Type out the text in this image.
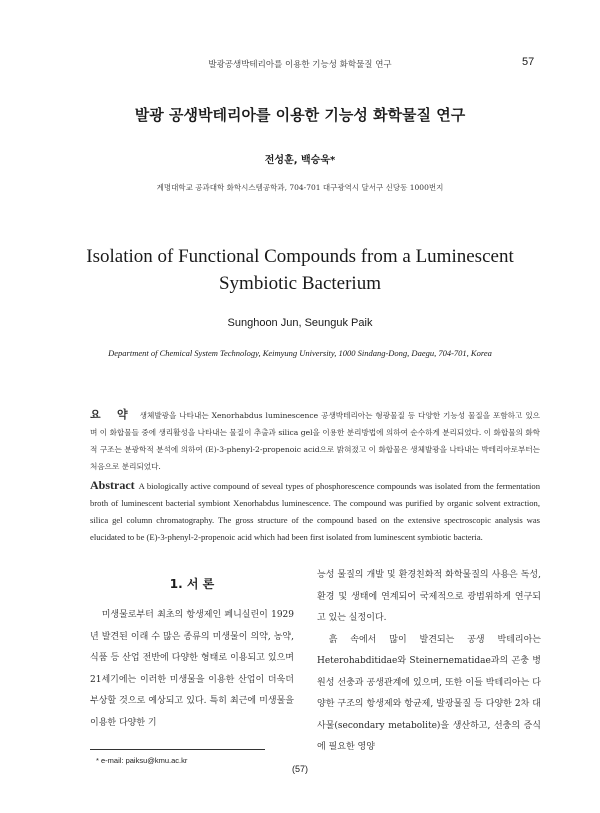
발광공생박테리아를 이용한 기능성 화학물질 연구	57
발광 공생박테리아를 이용한 기능성 화학물질 연구
전성훈, 백승욱*
계명대학교 공과대학 화학시스템공학과, 704-701 대구광역시 달서구 신당동 1000번지
Isolation of Functional Compounds from a Luminescent Symbiotic Bacterium
Sunghoon Jun, Seunguk Paik
Department of Chemical System Technology, Keimyung University, 1000 Sindang-Dong, Daegu, 704-701, Korea
요 약 생체발광을 나타내는 Xenorhabdus luminescence 공생박테리아는 형광물질 등 다양한 기능성 물질을 포함하고 있으며 이 화합물들 중에 생리활성을 나타내는 물질이 추출과 silica gel을 이용한 분리방법에 의하여 순수하게 분리되었다. 이 화합물의 화학적 구조는 분광학적 분석에 의하여 (E)-3-phenyl-2-propenoic acid으로 밝혀졌고 이 화합물은 생체발광을 나타내는 박테리아로부터는 처음으로 분리되었다.
Abstract A biologically active compound of seveal types of phosphorescence compounds was isolated from the fermentation broth of luminescent bacterial symbiont Xenorhabdus luminescence. The compound was purified by organic solvent extraction, silica gel column chromatography. The gross structure of the compound based on the extensive spectroscopic analysis was elucidated to be (E)-3-phenyl-2-propenoic acid which had been first isolated from luminescent symbiotic bacteria.
1. 서 론
미생물로부터 최초의 항생제인 페니실린이 1929년 발견된 이래 수 많은 종류의 미생물이 의약, 농약, 식품 등 산업 전반에 다양한 형태로 이용되고 있으며 21세기에는 이러한 미생물을 이용한 산업이 더욱더 부상할 것으로 예상되고 있다. 특히 최근에 미생물을 이용한 다양한 기
능성 물질의 개발 및 환경친화적 화학물질의 사용은 독성, 환경 및 생태에 연계되어 국제적으로 광범위하게 연구되고 있는 실정이다.
흙 속에서 많이 발견되는 공생 박테리아는 Heterohabditidae와 Steinernematidae과의 곤충 병원성 선충과 공생관계에 있으며, 또한 이들 박테리아는 다양한 구조의 항생제와 항균제, 발광물질 등 다양한 2차 대사물(secondary metabolite)을 생산하고, 선충의 증식에 필요한 영양
* e-mail: paiksu@kmu.ac.kr
(57)
